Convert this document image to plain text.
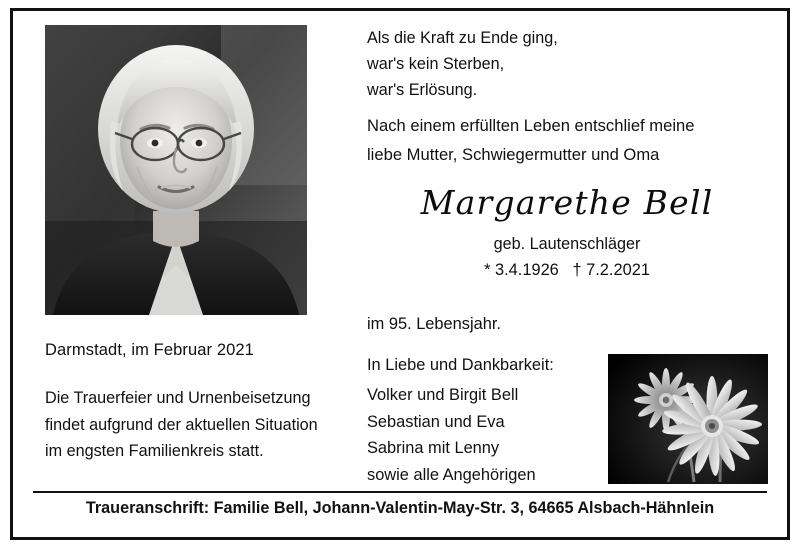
Darmstadt, im Februar 2021
Die Trauerfeier und Urnenbeisetzung
findet aufgrund der aktuellen Situation
im engsten Familienkreis statt.
Als die Kraft zu Ende ging,
war's kein Sterben,
war's Erlösung.
Nach einem erfüllten Leben entschlief meine
liebe Mutter, Schwiegermutter und Oma
Margarethe Bell
geb. Lautenschläger
* 3.4.1926   † 7.2.2021
im 95. Lebensjahr.
In Liebe und Dankbarkeit:
Volker und Birgit Bell
Sebastian und Eva
Sabrina mit Lenny
sowie alle Angehörigen
Traueranschrift: Familie Bell, Johann-Valentin-May-Str. 3, 64665 Alsbach-Hähnlein
